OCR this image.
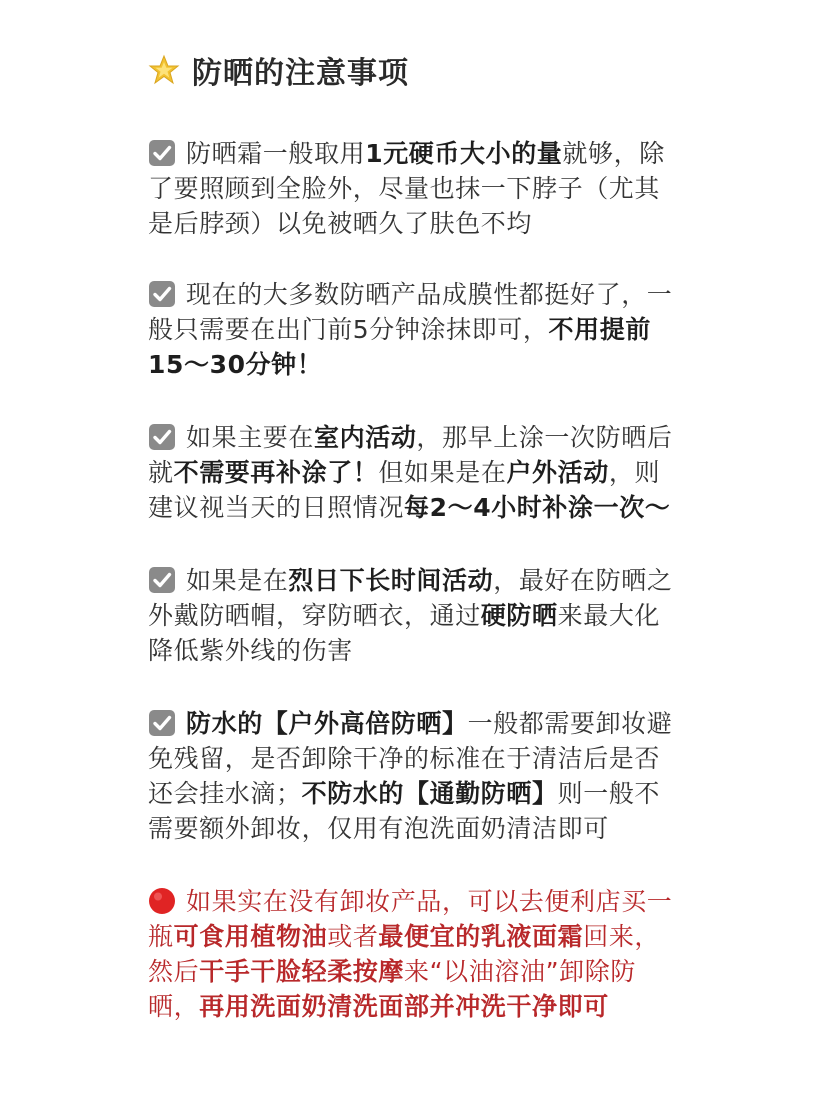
防晒的注意事项
防晒霜一般取用1元硬币大小的量就够，除
了要照顾到全脸外，尽量也抹一下脖子（尤其
是后脖颈）以免被晒久了肤色不均
现在的大多数防晒产品成膜性都挺好了，一
般只需要在出门前5分钟涂抹即可，不用提前
15～30分钟！
如果主要在室内活动，那早上涂一次防晒后
就不需要再补涂了！但如果是在户外活动，则
建议视当天的日照情况每2～4小时补涂一次～
如果是在烈日下长时间活动，最好在防晒之
外戴防晒帽，穿防晒衣，通过硬防晒来最大化
降低紫外线的伤害
防水的【户外高倍防晒】一般都需要卸妆避
免残留，是否卸除干净的标准在于清洁后是否
还会挂水滴；不防水的【通勤防晒】则一般不
需要额外卸妆，仅用有泡洗面奶清洁即可
如果实在没有卸妆产品，可以去便利店买一
瓶可食用植物油或者最便宜的乳液面霜回来，
然后干手干脸轻柔按摩来“以油溶油”卸除防
晒，再用洗面奶清洗面部并冲洗干净即可
